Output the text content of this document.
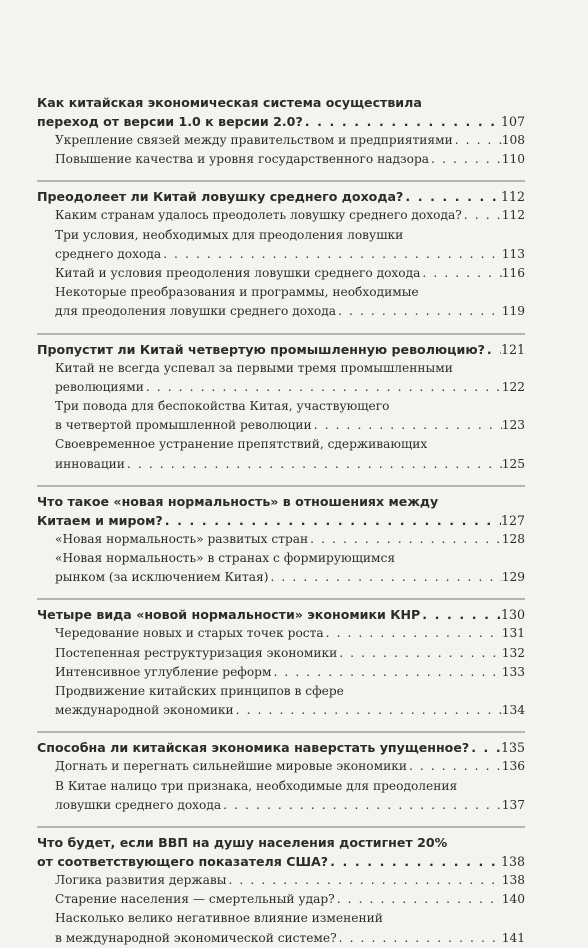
Как китайская экономическая система осуществила
переход от версии 1.0 к версии 2.0? . . .	107
Укрепление связей между правительством и предприятиями . . .	108
Повышение качества и уровня государственного надзора . . .	110
Преодолеет ли Китай ловушку среднего дохода? . . .	112
Каким странам удалось преодолеть ловушку среднего дохода? . . .	112
Три условия, необходимых для преодоления ловушки
среднего дохода . . .	113
Китай и условия преодоления ловушки среднего дохода . . .	116
Некоторые преобразования и программы, необходимые
для преодоления ловушки среднего дохода . . .	119
Пропустит ли Китай четвертую промышленную революцию? . . . 121
Китай не всегда успевал за первыми тремя промышленными
революциями . . .	122
Три повода для беспокойства Китая, участвующего
в четвертой промышленной революции . . .	123
Своевременное устранение препятствий, сдерживающих
инновации . . .	125
Что такое «новая нормальность» в отношениях между
Китаем и миром? . . .	127
«Новая нормальность» развитых стран . . .	128
«Новая нормальность» в странах с формирующимся
рынком (за исключением Китая) . . .	129
Четыре вида «новой нормальности» экономики КНР . . .	130
Чередование новых и старых точек роста . . .	131
Постепенная реструктуризация экономики . . .	132
Интенсивное углубление реформ . . .	133
Продвижение китайских принципов в сфере
международной экономики . . .	134
Способна ли китайская экономика наверстать упущенное? . . .	135
Догнать и перегнать сильнейшие мировые экономики . . .	136
В Китае налицо три признака, необходимые для преодоления
ловушки среднего дохода . . .	137
Что будет, если ВВП на душу населения достигнет 20%
от соответствующего показателя США? . . .	138
Логика развития державы . . .	138
Старение населения — смертельный удар? . . .	140
Насколько велико негативное влияние изменений
в международной экономической системе? . . .	141
